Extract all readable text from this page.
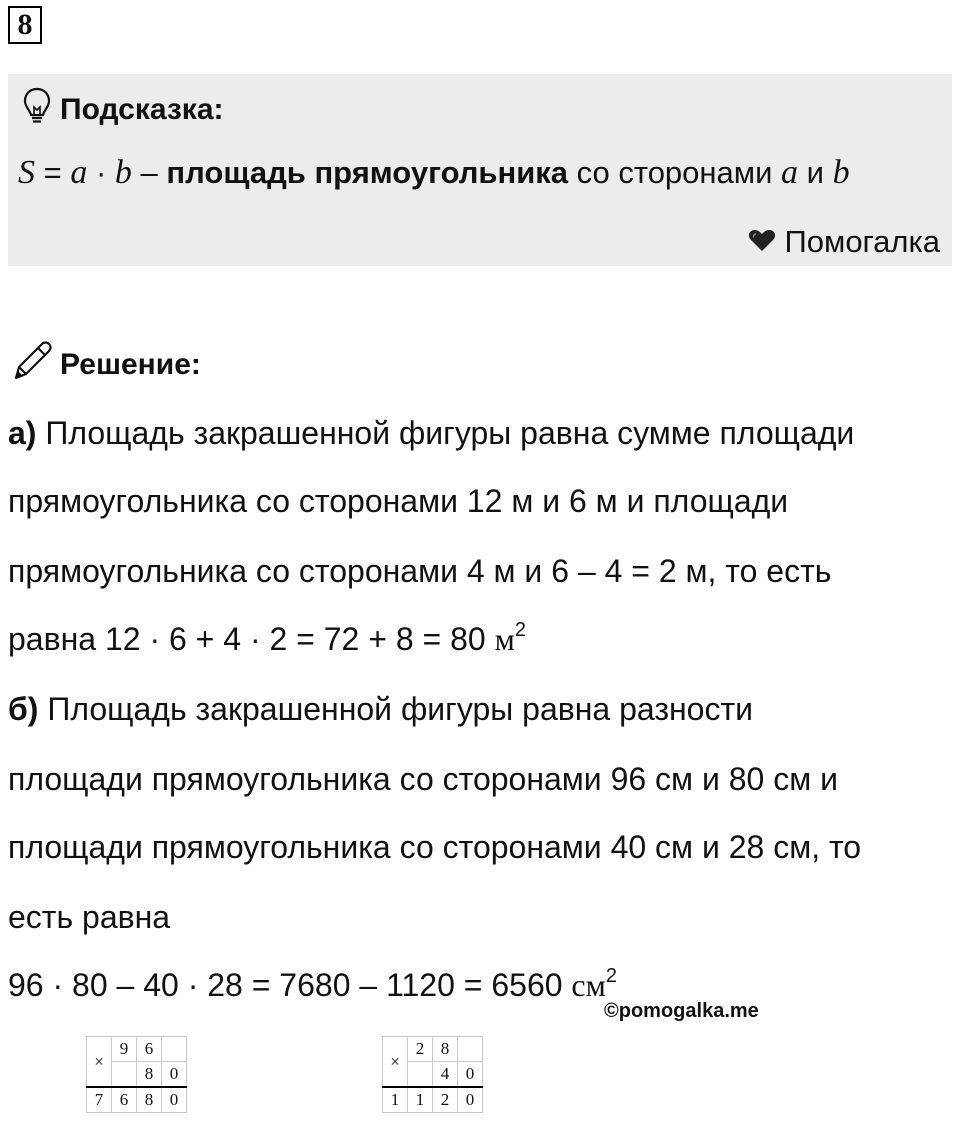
8
Подсказка:
S = a · b – площадь прямоугольника со сторонами a и b
Помогалка
Решение:
а) Площадь закрашенной фигуры равна сумме площади
прямоугольника со сторонами 12 м и 6 м и площади
прямоугольника со сторонами 4 м и 6 – 4 = 2 м, то есть
равна 12 · 6 + 4 · 2 = 72 + 8 = 80 $м^2$
б) Площадь закрашенной фигуры равна разности
площади прямоугольника со сторонами 96 см и 80 см и
площади прямоугольника со сторонами 40 см и 28 см, то
есть равна
96 · 80 – 40 · 28 = 7680 – 1120 = 6560 $см^2$
©pomogalka.me
×	9	6	
		8	0
7	6	8	0
×	2	8	
		4	0
1	1	2	0
